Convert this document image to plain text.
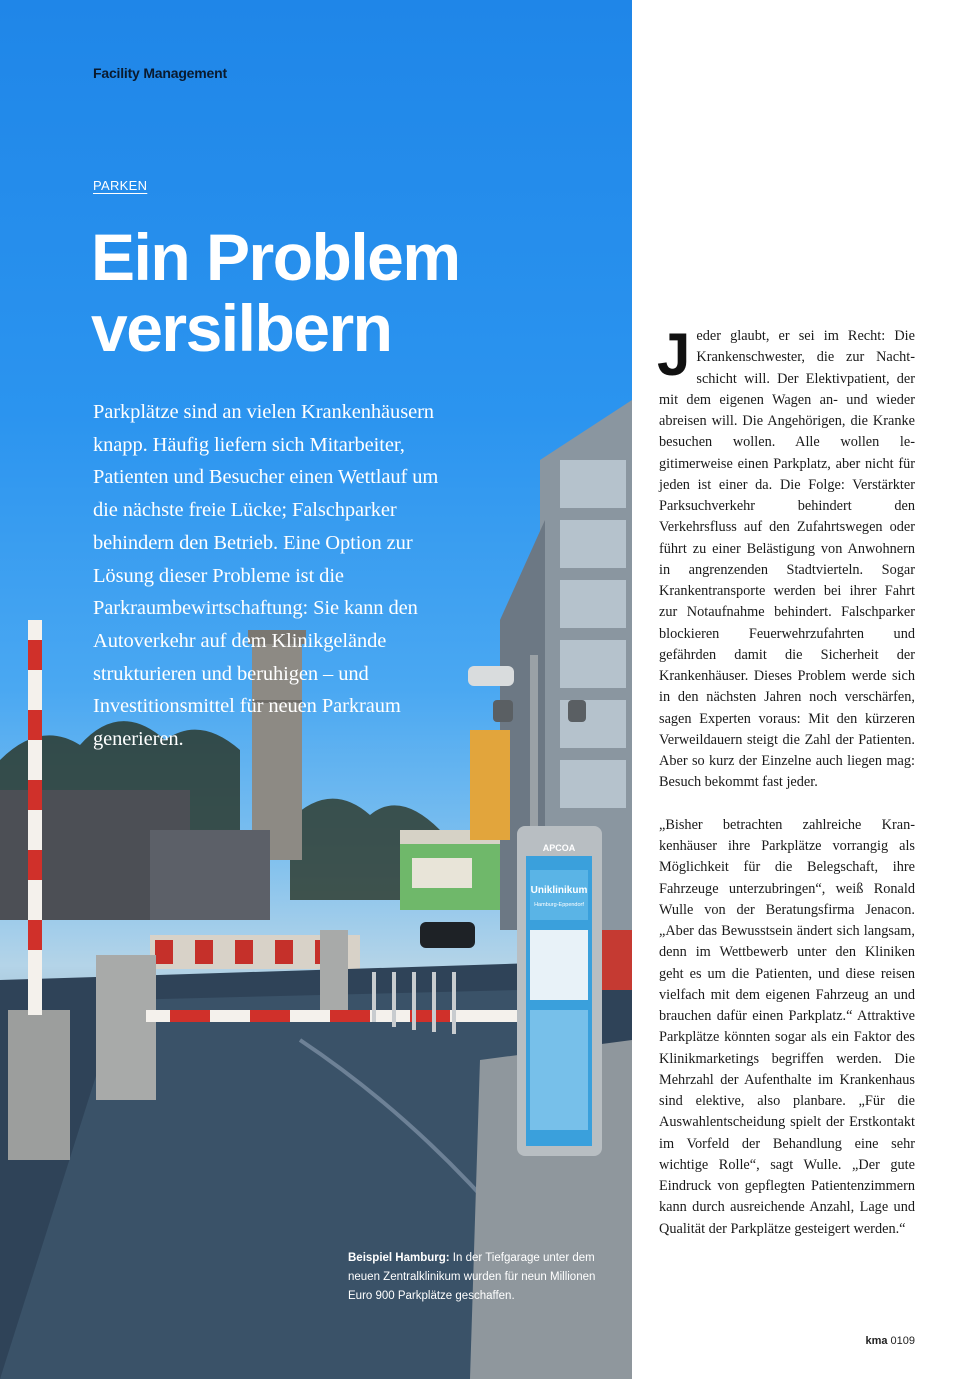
APCOA
Uniklinikum
Hamburg-Eppendorf
Facility Management
PARKEN
Ein Problem
versilbern

Parkplätze sind an vielen Krankenhäusern knapp. Häufig liefern sich Mitarbeiter, Patienten und Besucher einen Wettlauf um die nächste freie Lücke; Falschparker behindern den Betrieb. Eine Option zur Lösung dieser Probleme ist die Parkraumbewirtschaftung: Sie kann den Autoverkehr auf dem Klinikgelände strukturieren und beruhigen – und Investitionsmittel für neuen Parkraum generieren.

Beispiel Hamburg: In der Tiefgarage unter dem neuen Zentralklinikum wurden für neun Millionen Euro 900 Parkplätze geschaffen.

Jeder glaubt, er sei im Recht: Die Krankenschwester, die zur Nachtschicht will. Der Elektivpatient, der mit dem eigenen Wagen an- und wieder abreisen will. Die Angehörigen, die Kranke besuchen wollen. Alle wollen legitimerweise einen Parkplatz, aber nicht für jeden ist einer da. Die Folge: Verstärkter Parksuchverkehr behindert den Verkehrsfluss auf den Zufahrtswegen oder führt zu einer Belästigung von Anwohnern in angrenzenden Stadtvierteln. Sogar Krankentransporte werden bei ihrer Fahrt zur Notaufnahme behindert. Falschparker blockieren Feuerwehrzufahrten und gefährden damit die Sicherheit der Krankenhäuser. Dieses Problem werde sich in den nächsten Jahren noch verschärfen, sagen Experten voraus: Mit den kürzeren Verweildauern steigt die Zahl der Patienten. Aber so kurz der Einzelne auch liegen mag: Besuch bekommt fast jeder.

„Bisher betrachten zahlreiche Krankenhäuser ihre Parkplätze vorrangig als Möglichkeit für die Belegschaft, ihre Fahrzeuge unterzubringen“, weiß Ronald Wulle von der Beratungsfirma Jenacon. „Aber das Bewusstsein ändert sich langsam, denn im Wettbewerb unter den Kliniken geht es um die Patienten, und diese reisen vielfach mit dem eigenen Fahrzeug an und brauchen dafür einen Parkplatz.“ Attraktive Parkplätze könnten sogar als ein Faktor des Klinikmarketings begriffen werden. Die Mehrzahl der Aufenthalte im Krankenhaus sind elektive, also planbare. „Für die Auswahlentscheidung spielt der Erstkontakt im Vorfeld der Behandlung eine sehr wichtige Rolle“, sagt Wulle. „Der gute Eindruck von gepflegten Patientenzimmern kann durch ausreichende Anzahl, Lage und Qualität der Parkplätze gesteigert werden.“

kma 0109
